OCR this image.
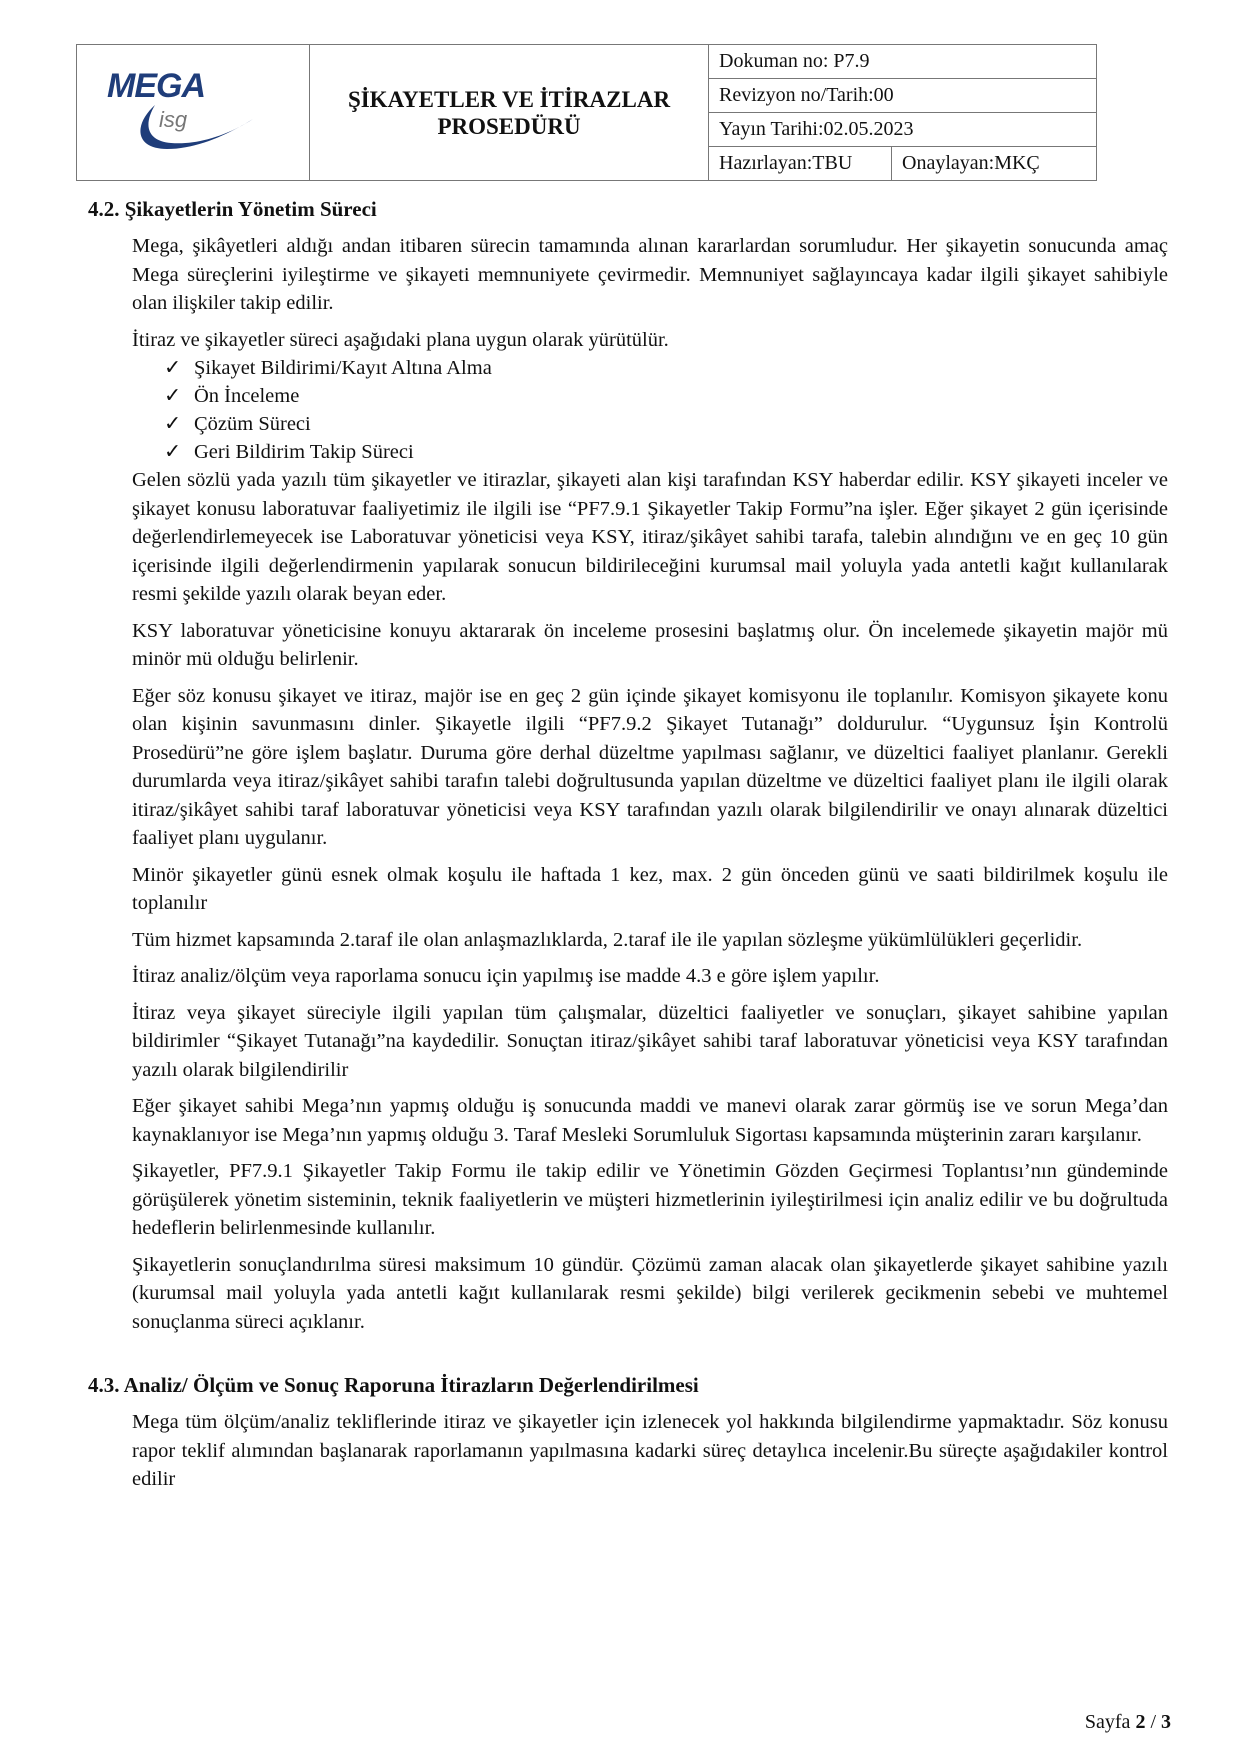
MEGA
isg

ŞİKAYETLER VE İTİRAZLAR
PROSEDÜRÜ
	Dokuman no: P7.9
		Revizyon no/Tarih:00	
		Yayın Tarihi:02.05.2023	
		Hazırlayan:TBU	Onaylayan:MKÇ
4.2. Şikayetlerin Yönetim Süreci

Mega, şikâyetleri aldığı andan itibaren sürecin tamamında alınan kararlardan sorumludur. Her şikayetin sonucunda amaç Mega süreçlerini iyileştirme ve şikayeti memnuniyete çevirmedir. Memnuniyet sağlayıncaya kadar ilgili şikayet sahibiyle olan ilişkiler takip edilir.

İtiraz ve şikayetler süreci aşağıdaki plana uygun olarak yürütülür.

✓ Şikayet Bildirimi/Kayıt Altına Alma
✓ Ön İnceleme
✓ Çözüm Süreci
✓ Geri Bildirim Takip Süreci

Gelen sözlü yada yazılı tüm şikayetler ve itirazlar, şikayeti alan kişi tarafından KSY haberdar edilir. KSY şikayeti inceler ve şikayet konusu laboratuvar faaliyetimiz ile ilgili ise “PF7.9.1 Şikayetler Takip Formu”na işler. Eğer şikayet 2 gün içerisinde değerlendirlemeyecek ise Laboratuvar yöneticisi veya KSY, itiraz/şikâyet sahibi tarafa, talebin alındığını ve en geç 10 gün içerisinde ilgili değerlendirmenin yapılarak sonucun bildirileceğini kurumsal mail yoluyla yada antetli kağıt kullanılarak resmi şekilde yazılı olarak beyan eder.

KSY laboratuvar yöneticisine konuyu aktararak ön inceleme prosesini başlatmış olur. Ön incelemede şikayetin majör mü minör mü olduğu belirlenir.

Eğer söz konusu şikayet ve itiraz, majör ise en geç 2 gün içinde şikayet komisyonu ile toplanılır. Komisyon şikayete konu olan kişinin savunmasını dinler. Şikayetle ilgili “PF7.9.2 Şikayet Tutanağı” doldurulur. “Uygunsuz İşin Kontrolü Prosedürü”ne göre işlem başlatır. Duruma göre derhal düzeltme yapılması sağlanır, ve düzeltici faaliyet planlanır. Gerekli durumlarda veya itiraz/şikâyet sahibi tarafın talebi doğrultusunda yapılan düzeltme ve düzeltici faaliyet planı ile ilgili olarak itiraz/şikâyet sahibi taraf laboratuvar yöneticisi veya KSY tarafından yazılı olarak bilgilendirilir ve onayı alınarak düzeltici faaliyet planı uygulanır.

Minör şikayetler günü esnek olmak koşulu ile haftada 1 kez, max. 2 gün önceden günü ve saati bildirilmek koşulu ile toplanılır

Tüm hizmet kapsamında 2.taraf ile olan anlaşmazlıklarda, 2.taraf ile ile yapılan sözleşme yükümlülükleri geçerlidir.

İtiraz analiz/ölçüm veya raporlama sonucu için yapılmış ise madde 4.3 e göre işlem yapılır.

İtiraz veya şikayet süreciyle ilgili yapılan tüm çalışmalar, düzeltici faaliyetler ve sonuçları, şikayet sahibine yapılan bildirimler “Şikayet Tutanağı”na kaydedilir. Sonuçtan itiraz/şikâyet sahibi taraf laboratuvar yöneticisi veya KSY tarafından yazılı olarak bilgilendirilir

Eğer şikayet sahibi Mega’nın yapmış olduğu iş sonucunda maddi ve manevi olarak zarar görmüş ise ve sorun Mega’dan kaynaklanıyor ise Mega’nın yapmış olduğu 3. Taraf Mesleki Sorumluluk Sigortası kapsamında müşterinin zararı karşılanır.

Şikayetler, PF7.9.1 Şikayetler Takip Formu ile takip edilir ve Yönetimin Gözden Geçirmesi Toplantısı’nın gündeminde görüşülerek yönetim sisteminin, teknik faaliyetlerin ve müşteri hizmetlerinin iyileştirilmesi için analiz edilir ve bu doğrultuda hedeflerin belirlenmesinde kullanılır.

Şikayetlerin sonuçlandırılma süresi maksimum 10 gündür. Çözümü zaman alacak olan şikayetlerde şikayet sahibine yazılı (kurumsal mail yoluyla yada antetli kağıt kullanılarak resmi şekilde) bilgi verilerek gecikmenin sebebi ve muhtemel sonuçlanma süreci açıklanır.

4.3. Analiz/ Ölçüm ve Sonuç Raporuna İtirazların Değerlendirilmesi

Mega tüm ölçüm/analiz tekliflerinde itiraz ve şikayetler için izlenecek yol hakkında bilgilendirme yapmaktadır. Söz konusu rapor teklif alımından başlanarak raporlamanın yapılmasına kadarki süreç detaylıca incelenir.Bu süreçte aşağıdakiler kontrol edilir

Sayfa 2 / 3
